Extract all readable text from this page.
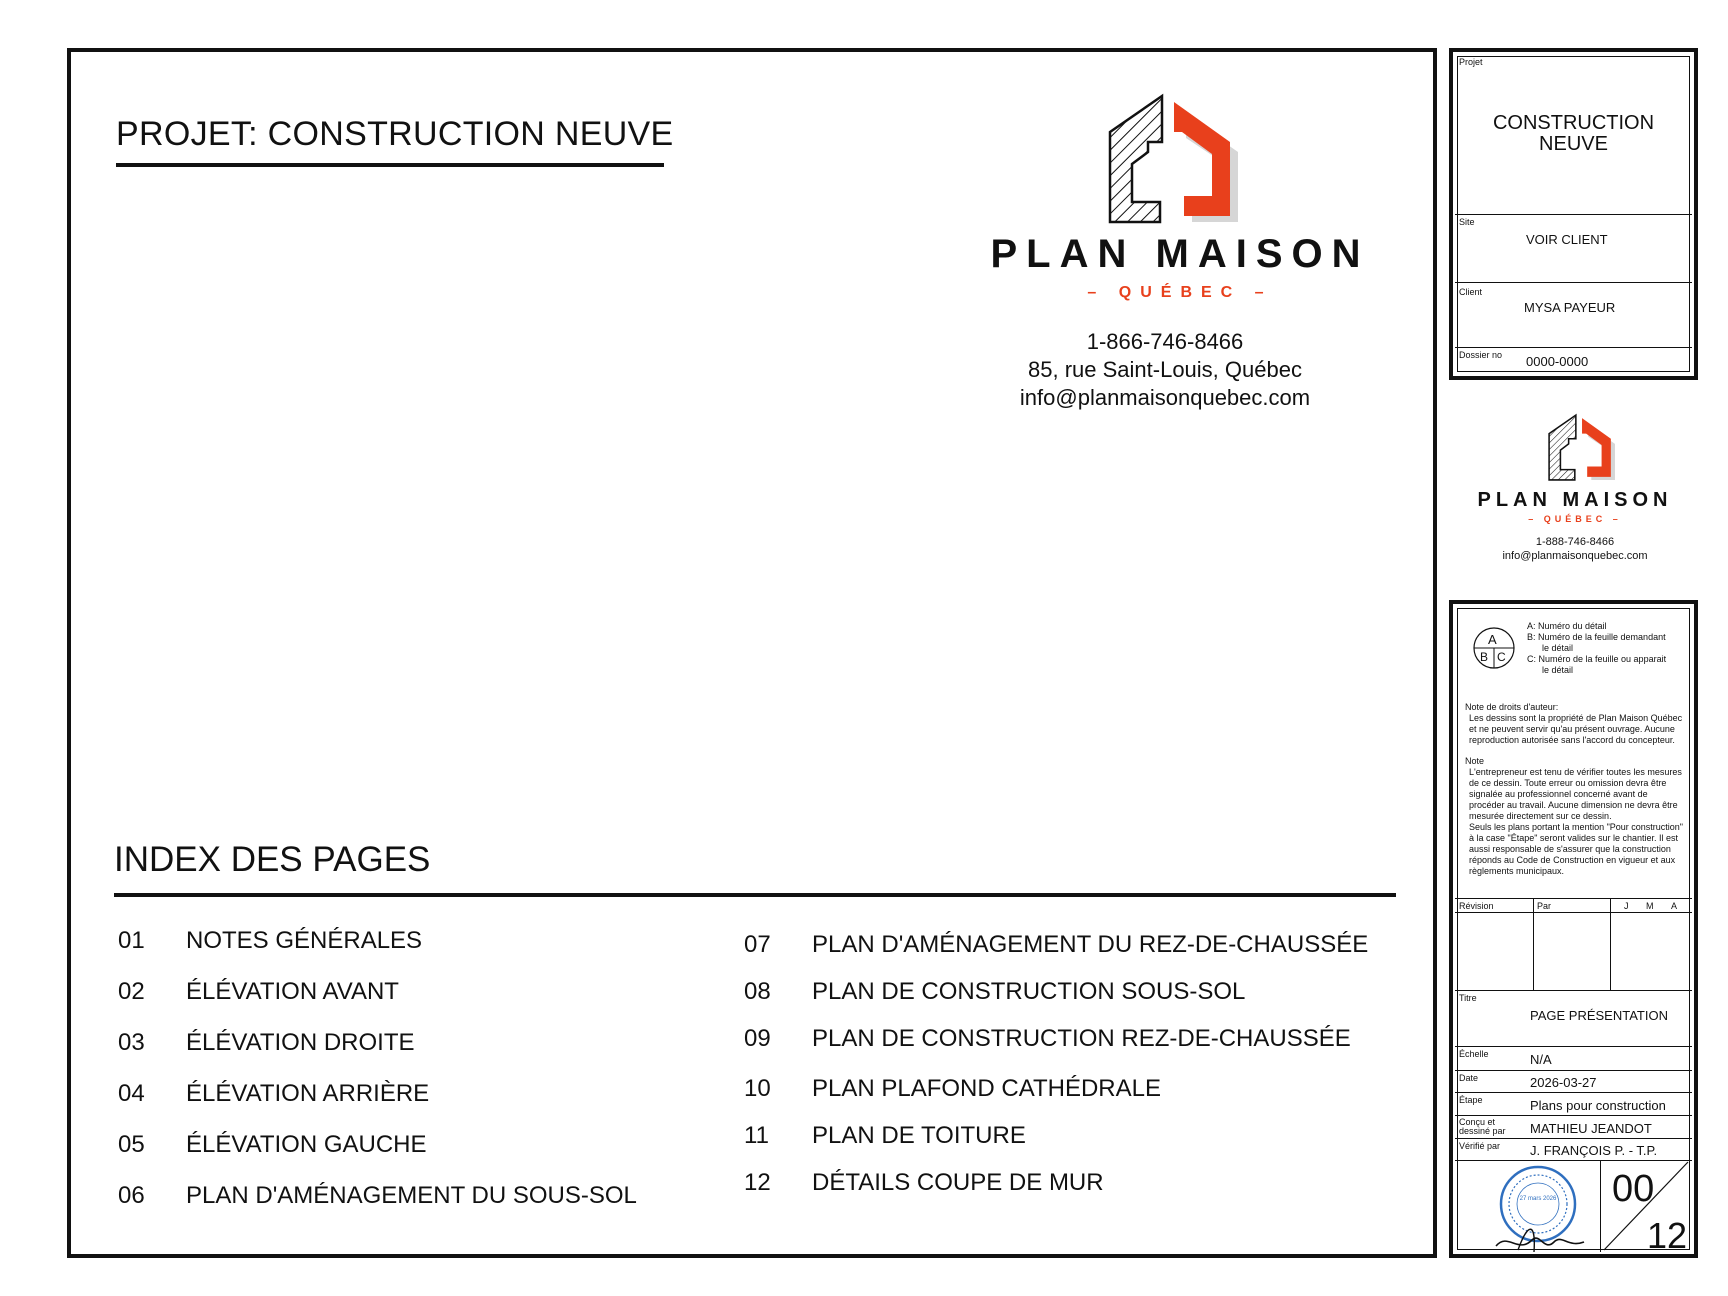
PROJET: CONSTRUCTION NEUVE
PLAN MAISON
– QUÉBEC –
1-866-746-8466
85, rue Saint-Louis, Québec
info@planmaisonquebec.com
INDEX DES PAGES
01 NOTES GÉNÉRALES
02 ÉLÉVATION AVANT
03 ÉLÉVATION DROITE
04 ÉLÉVATION ARRIÈRE
05 ÉLÉVATION GAUCHE
06 PLAN D'AMÉNAGEMENT DU SOUS-SOL
07 PLAN D'AMÉNAGEMENT DU REZ-DE-CHAUSSÉE
08 PLAN DE CONSTRUCTION SOUS-SOL
09 PLAN DE CONSTRUCTION REZ-DE-CHAUSSÉE
10 PLAN PLAFOND CATHÉDRALE
11 PLAN DE TOITURE
12 DÉTAILS COUPE DE MUR
Projet
CONSTRUCTION
NEUVE
Site
VOIR CLIENT
Client
MYSA PAYEUR
Dossier no 0000-0000
PLAN MAISON
– QUÉBEC –
1-888-746-8466
info@planmaisonquebec.com
A
B C
A: Numéro du détail
B: Numéro de la feuille demandant
le détail
C: Numéro de la feuille ou apparait
le détail
Note de droits d'auteur:
Les dessins sont la propriété de Plan Maison Québec
et ne peuvent servir qu'au présent ouvrage. Aucune
reproduction autorisée sans l'accord du concepteur.
Note
L'entrepreneur est tenu de vérifier toutes les mesures
de ce dessin. Toute erreur ou omission devra être
signalée au professionnel concerné avant de
procéder au travail. Aucune dimension ne devra être
mesurée directement sur ce dessin.
Seuls les plans portant la mention "Pour construction"
à la case "Étape" seront valides sur le chantier. Il est
aussi responsable de s'assurer que la construction
réponds au Code de Construction en vigueur et aux
règlements municipaux.
Révision	Par	J M A
Titre
PAGE PRÉSENTATION
Échelle	N/A
Date	2026-03-27
Étape	Plans pour construction
Conçu et
dessiné par MATHIEU JEANDOT
Vérifié par J. FRANÇOIS P. - T.P.
27 mars 2026 00
12
